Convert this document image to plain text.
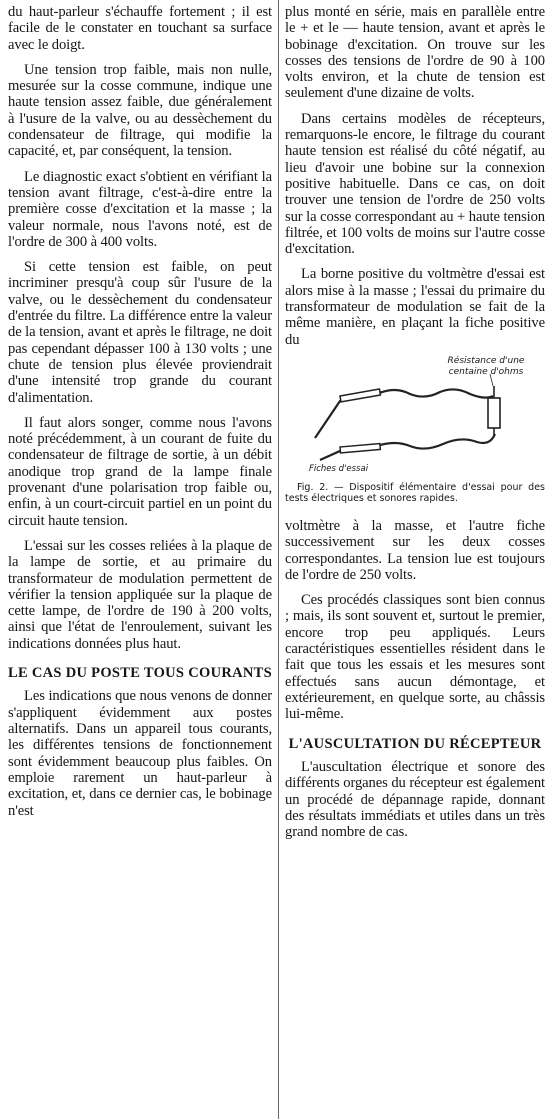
du haut-parleur s'échauffe fortement ; il est facile de le constater en touchant sa surface avec le doigt.

Une tension trop faible, mais non nulle, mesurée sur la cosse commune, indique une haute tension assez faible, due généralement à l'usure de la valve, ou au dessèchement du condensateur de filtrage, qui modifie la capacité, et, par conséquent, la tension.

Le diagnostic exact s'obtient en vérifiant la tension avant filtrage, c'est-à-dire entre la première cosse d'excitation et la masse ; la valeur normale, nous l'avons noté, est de l'ordre de 300 à 400 volts.

Si cette tension est faible, on peut incriminer presqu'à coup sûr l'usure de la valve, ou le dessèchement du condensateur d'entrée du filtre. La différence entre la valeur de la tension, avant et après le filtrage, ne doit pas cependant dépasser 100 à 130 volts ; une chute de tension plus élevée proviendrait d'une intensité trop grande du courant d'alimentation.

Il faut alors songer, comme nous l'avons noté précédemment, à un courant de fuite du condensateur de filtrage de sortie, à un débit anodique trop grand de la lampe finale provenant d'une polarisation trop faible ou, enfin, à un court-circuit partiel en un point du circuit haute tension.

L'essai sur les cosses reliées à la plaque de la lampe de sortie, et au primaire du transformateur de modulation permettent de vérifier la tension appliquée sur la plaque de cette lampe, de l'ordre de 190 à 200 volts, ainsi que l'état de l'enroulement, suivant les indications données plus haut.

LE CAS DU POSTE TOUS COURANTS

Les indications que nous venons de donner s'appliquent évidemment aux postes alternatifs. Dans un appareil tous courants, les différentes tensions de fonctionnement sont évidemment beaucoup plus faibles. On emploie rarement un haut-parleur à excitation, et, dans ce dernier cas, le bobinage n'est

plus monté en série, mais en parallèle entre le + et le — haute tension, avant et après le bobinage d'excitation. On trouve sur les cosses des tensions de l'ordre de 90 à 100 volts environ, et la chute de tension est seulement d'une dizaine de volts.

Dans certains modèles de récepteurs, remarquons-le encore, le filtrage du courant haute tension est réalisé du côté négatif, au lieu d'avoir une bobine sur la connexion positive habituelle. Dans ce cas, on doit trouver une tension de l'ordre de 250 volts sur la cosse correspondant au + haute tension filtrée, et 100 volts de moins sur l'autre cosse d'excitation.

La borne positive du voltmètre d'essai est alors mise à la masse ; l'essai du primaire du transformateur de modulation se fait de la même manière, en plaçant la fiche positive du

Résistance d'une centaine d'ohms
Fiches d'essai
Fig. 2. — Dispositif élémentaire d'essai pour des tests électriques et sonores rapides.

voltmètre à la masse, et l'autre fiche successivement sur les deux cosses correspondantes. La tension lue est toujours de l'ordre de 250 volts.

Ces procédés classiques sont bien connus ; mais, ils sont souvent et, surtout le premier, encore trop peu appliqués. Leurs caractéristiques essentielles résident dans le fait que tous les essais et les mesures sont effectués sans aucun démontage, et extérieurement, en quelque sorte, au châssis lui-même.

L'AUSCULTATION DU RÉCEPTEUR

L'auscultation électrique et sonore des différents organes du récepteur est également un procédé de dépannage rapide, donnant des résultats immédiats et utiles dans un très grand nombre de cas.
